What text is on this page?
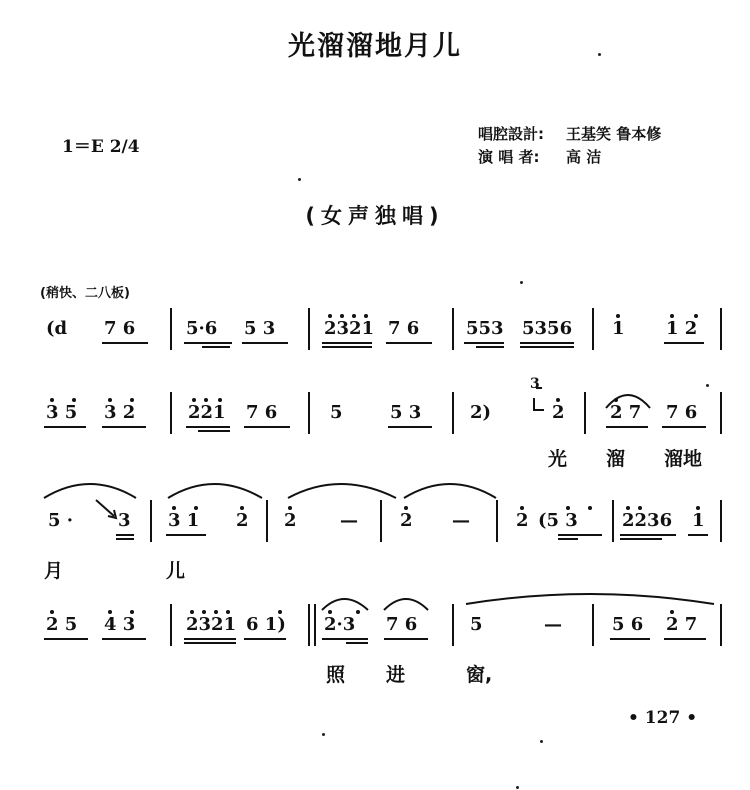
光溜溜地月儿
1＝E 2/4
唱腔設計: 王基笑 鲁本修
演 唱 者: 高 洁
(女声独唱)
(稍快、二八板)
(d 7 6	5·6 5 3	2321 7 6	553 5356 1 1 2
3 5 3 2	221 7 6	5	5 3	2)
3
2	2 7 7 6
光 溜 溜地
5 · 3 3 1 2 2 — 2 —	2 (5 3 2236 1
月	儿
2 5 4 3	2321 6 1) 2·3 7 6	5	—	5 6 2 7
照 进	窗,
• 127 •
